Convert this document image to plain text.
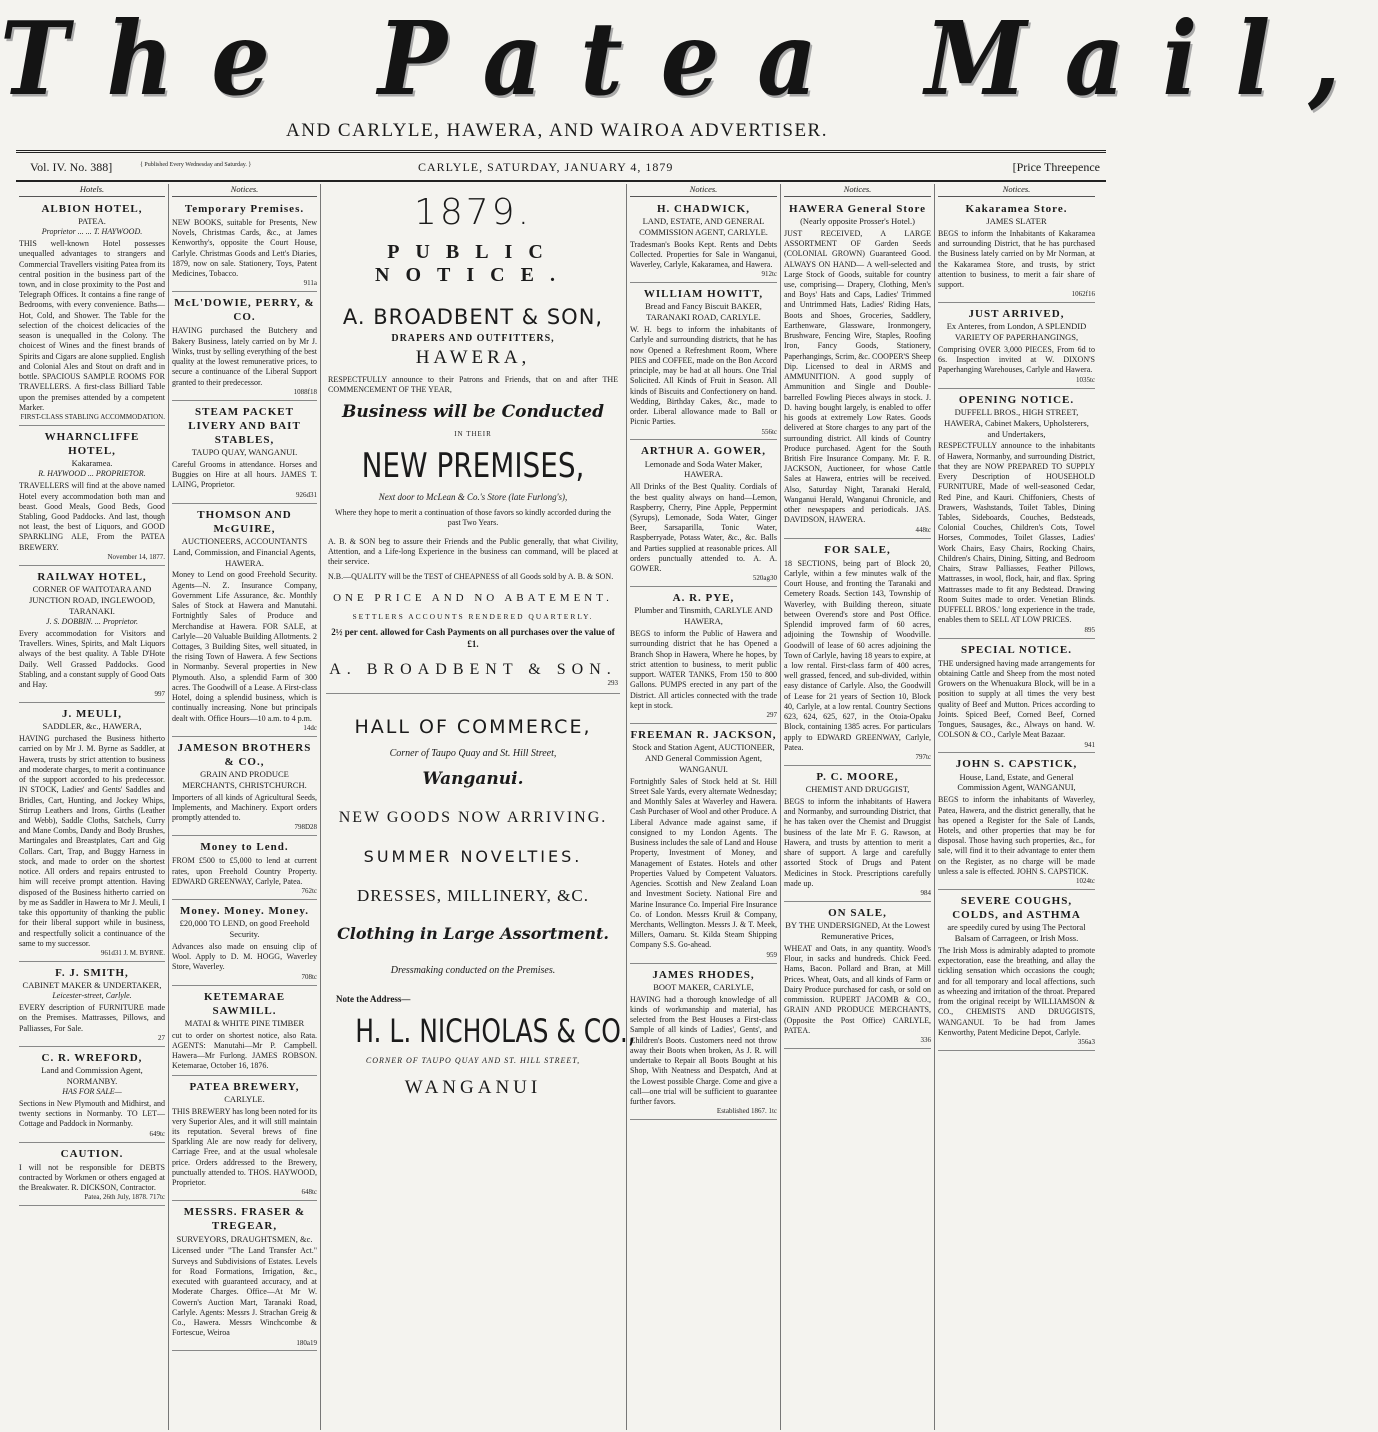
The Patea Mail,
AND CARLYLE, HAWERA, AND WAIROA ADVERTISER.
Vol. IV. No. 388]	{ Published Every Wednesday and Saturday. }	CARLYLE, SATURDAY, JANUARY 4, 1879	[Price Threepence
Hotels.
ALBION HOTEL,
PATEA.
Proprietor ... ... T. HAYWOOD.
THIS well-known Hotel possesses unequalled advantages to strangers and Commercial Travellers visiting Patea from its central position in the business part of the town, and in close proximity to the Post and Telegraph Offices. It contains a fine range of Bedrooms, with every convenience. Baths—Hot, Cold, and Shower. The Table for the selection of the choicest delicacies of the season is unequalled in the Colony. The choicest of Wines and the finest brands of Spirits and Cigars are alone supplied. English and Colonial Ales and Stout on draft and in bottle. SPACIOUS SAMPLE ROOMS FOR TRAVELLERS. A first-class Billiard Table upon the premises attended by a competent Marker.
FIRST-CLASS STABLING ACCOMMODATION.
WHARNCLIFFE HOTEL,
Kakaramea.
R. HAYWOOD ... PROPRIETOR.
TRAVELLERS will find at the above named Hotel every accommodation both man and beast. Good Meals, Good Beds, Good Stabling, Good Paddocks. And last, though not least, the best of Liquors, and GOOD SPARKLING ALE, From the PATEA BREWERY.
November 14, 1877.
RAILWAY HOTEL,
CORNER OF WAITOTARA AND JUNCTION ROAD, INGLEWOOD, TARANAKI.
J. S. DOBBIN. ... Proprietor.
Every accommodation for Visitors and Travellers. Wines, Spirits, and Malt Liquors always of the best quality. A Table D'Hote Daily. Well Grassed Paddocks. Good Stabling, and a constant supply of Good Oats and Hay.
997
J. MEULI,
SADDLER, &c., HAWERA,
HAVING purchased the Business hitherto carried on by Mr J. M. Byrne as Saddler, at Hawera, trusts by strict attention to business and moderate charges, to merit a continuance of the support accorded to his predecessor. IN STOCK, Ladies' and Gents' Saddles and Bridles, Cart, Hunting, and Jockey Whips, Stirrup Leathers and Irons, Girths (Leather and Webb), Saddle Cloths, Satchels, Curry and Mane Combs, Dandy and Body Brushes, Martingales and Breastplates, Cart and Gig Collars. Cart, Trap, and Buggy Harness in stock, and made to order on the shortest notice. All orders and repairs entrusted to him will receive prompt attention. Having disposed of the Business hitherto carried on by me as Saddler in Hawera to Mr J. Meuli, I take this opportunity of thanking the public for their liberal support while in business, and respectfully solicit a continuance of the same to my successor.
961d31 J. M. BYRNE.
F. J. SMITH,
CABINET MAKER & UNDERTAKER,
Leicester-street, Carlyle.
EVERY description of FURNITURE made on the Premises. Mattrasses, Pillows, and Palliasses, For Sale.
27
C. R. WREFORD,
Land and Commission Agent, NORMANBY.
HAS FOR SALE—
Sections in New Plymouth and Midhirst, and twenty sections in Normanby. TO LET— Cottage and Paddock in Normanby.
649tc
CAUTION.
I will not be responsible for DEBTS contracted by Workmen or others engaged at the Breakwater. R. DICKSON, Contractor.
Patea, 26th July, 1878. 717tc
Notices.
Temporary Premises.
NEW BOOKS, suitable for Presents, New Novels, Christmas Cards, &c., at James Kenworthy's, opposite the Court House, Carlyle. Christmas Goods and Lett's Diaries, 1879, now on sale. Stationery, Toys, Patent Medicines, Tobacco.
911a
McL'DOWIE, PERRY, & CO.
HAVING purchased the Butchery and Bakery Business, lately carried on by Mr J. Winks, trust by selling everything of the best quality at the lowest remunerative prices, to secure a continuance of the Liberal Support granted to their predecessor.
1088f18
STEAM PACKET LIVERY AND BAIT STABLES,
TAUPO QUAY, WANGANUI.
Careful Grooms in attendance. Horses and Buggies on Hire at all hours. JAMES T. LAING, Proprietor.
926d31
THOMSON AND McGUIRE,
AUCTIONEERS, ACCOUNTANTS Land, Commission, and Financial Agents, HAWERA.
Money to Lend on good Freehold Security. Agents—N. Z. Insurance Company, Government Life Assurance, &c. Monthly Sales of Stock at Hawera and Manutahi. Fortnightly Sales of Produce and Merchandise at Hawera. FOR SALE, at Carlyle—20 Valuable Building Allotments. 2 Cottages, 3 Building Sites, well situated, in the rising Town of Hawera. A few Sections in Normanby. Several properties in New Plymouth. Also, a splendid Farm of 300 acres. The Goodwill of a Lease. A First-class Hotel, doing a splendid business, which is continually increasing. None but principals dealt with. Office Hours—10 a.m. to 4 p.m.
14dc
JAMESON BROTHERS & CO.,
GRAIN AND PRODUCE MERCHANTS, CHRISTCHURCH.
Importers of all kinds of Agricultural Seeds, Implements, and Machinery. Export orders promptly attended to.
798D28
Money to Lend.
FROM £500 to £5,000 to lend at current rates, upon Freehold Country Property. EDWARD GREENWAY, Carlyle, Patea.
762tc
Money. Money. Money.
£20,000 TO LEND, on good Freehold Security.
Advances also made on ensuing clip of Wool. Apply to D. M. HOGG, Waverley Store, Waverley.
708tc
KETEMARAE SAWMILL.
MATAI & WHITE PINE TIMBER
cut to order on shortest notice, also Rata. AGENTS: Manutahi—Mr P. Campbell. Hawera—Mr Furlong. JAMES ROBSON. Ketemarae, October 16, 1876.
PATEA BREWERY,
CARLYLE.
THIS BREWERY has long been noted for its very Superior Ales, and it will still maintain its reputation. Several brews of fine Sparkling Ale are now ready for delivery, Carriage Free, and at the usual wholesale price. Orders addressed to the Brewery, punctually attended to. THOS. HAYWOOD, Proprietor.
648tc
MESSRS. FRASER & TREGEAR,
SURVEYORS, DRAUGHTSMEN, &c.
Licensed under "The Land Transfer Act." Surveys and Subdivisions of Estates. Levels for Road Formations, Irrigation, &c., executed with guaranteed accuracy, and at Moderate Charges. Office—At Mr W. Cowern's Auction Mart, Taranaki Road, Carlyle. Agents: Messrs J. Strachan Greig & Co., Hawera. Messrs Winchcombe & Fortescue, Weiroa
180a19
1879.
PUBLIC NOTICE.
A. BROADBENT & SON,
DRAPERS AND OUTFITTERS,
HAWERA,
RESPECTFULLY announce to their Patrons and Friends, that on and after THE COMMENCEMENT OF THE YEAR,
Business will be Conducted
IN THEIR
NEW PREMISES,
Next door to McLean & Co.'s Store (late Furlong's),
Where they hope to merit a continuation of those favors so kindly accorded during the past Two Years.
A. B. & SON beg to assure their Friends and the Public generally, that what Civility, Attention, and a Life-long Experience in the business can command, will be placed at their service.
N.B.—QUALITY will be the TEST of CHEAPNESS of all Goods sold by A. B. & SON.
ONE PRICE AND NO ABATEMENT.
SETTLERS ACCOUNTS RENDERED QUARTERLY.
2½ per cent. allowed for Cash Payments on all purchases over the value of £1.
A. BROADBENT & SON.
293
HALL OF COMMERCE,
Corner of Taupo Quay and St. Hill Street,
Wanganui.
NEW GOODS NOW ARRIVING.
SUMMER NOVELTIES.
DRESSES, MILLINERY, &C.
Clothing in Large Assortment.
Dressmaking conducted on the Premises.
Note the Address—
H. L. NICHOLAS & CO.,
CORNER OF TAUPO QUAY AND ST. HILL STREET,
WANGANUI
Notices.
H. CHADWICK,
LAND, ESTATE, AND GENERAL COMMISSION AGENT, CARLYLE.
Tradesman's Books Kept. Rents and Debts Collected. Properties for Sale in Wanganui, Waverley, Carlyle, Kakaramea, and Hawera.
912tc
WILLIAM HOWITT,
Bread and Fancy Biscuit BAKER, TARANAKI ROAD, CARLYLE.
W. H. begs to inform the inhabitants of Carlyle and surrounding districts, that he has now Opened a Refreshment Room, Where PIES and COFFEE, made on the Bon Accord principle, may be had at all hours. One Trial Solicited. All Kinds of Fruit in Season. All kinds of Biscuits and Confectionery on hand. Wedding, Birthday Cakes, &c., made to order. Liberal allowance made to Ball or Picnic Parties.
556tc
ARTHUR A. GOWER,
Lemonade and Soda Water Maker, HAWERA.
All Drinks of the Best Quality. Cordials of the best quality always on hand—Lemon, Raspberry, Cherry, Pine Apple, Peppermint (Syrups), Lemonade, Soda Water, Ginger Beer, Sarsaparilla, Tonic Water, Raspberryade, Potass Water, &c., &c. Balls and Parties supplied at reasonable prices. All orders punctually attended to. A. A. GOWER.
520ag30
A. R. PYE,
Plumber and Tinsmith, CARLYLE AND HAWERA,
BEGS to inform the Public of Hawera and surrounding district that he has Opened a Branch Shop in Hawera, Where he hopes, by strict attention to business, to merit public support. WATER TANKS, From 150 to 800 Gallons. PUMPS erected in any part of the District. All articles connected with the trade kept in stock.
297
FREEMAN R. JACKSON,
Stock and Station Agent, AUCTIONEER, AND General Commission Agent, WANGANUI.
Fortnightly Sales of Stock held at St. Hill Street Sale Yards, every alternate Wednesday; and Monthly Sales at Waverley and Hawera. Cash Purchaser of Wool and other Produce. A Liberal Advance made against same, if consigned to my London Agents. The Business includes the sale of Land and House Property, Investment of Money, and Management of Estates. Hotels and other Properties Valued by Competent Valuators. Agencies. Scottish and New Zealand Loan and Investment Society. National Fire and Marine Insurance Co. Imperial Fire Insurance Co. of London. Messrs Kruil & Company, Merchants, Wellington. Messrs J. & T. Meek, Millers, Oamaru. St. Kilda Steam Shipping Company S.S. Go-ahead.
959
JAMES RHODES,
BOOT MAKER, CARLYLE,
HAVING had a thorough knowledge of all kinds of workmanship and material, has selected from the Best Houses a First-class Sample of all kinds of Ladies', Gents', and Children's Boots. Customers need not throw away their Boots when broken, As J. R. will undertake to Repair all Boots Bought at his Shop, With Neatness and Despatch, And at the Lowest possible Charge. Come and give a call—one trial will be sufficient to guarantee further favors.
Established 1867. 1tc
Notices.
HAWERA General Store
(Nearly opposite Prosser's Hotel.)
JUST RECEIVED, A LARGE ASSORTMENT OF Garden Seeds (COLONIAL GROWN) Guaranteed Good. ALWAYS ON HAND— A well-selected and Large Stock of Goods, suitable for country use, comprising— Drapery, Clothing, Men's and Boys' Hats and Caps, Ladies' Trimmed and Untrimmed Hats, Ladies' Riding Hats, Boots and Shoes, Groceries, Saddlery, Earthenware, Glassware, Ironmongery, Brushware, Fencing Wire, Staples, Roofing Iron, Fancy Goods, Stationery, Paperhangings, Scrim, &c. COOPER'S Sheep Dip. Licensed to deal in ARMS and AMMUNITION. A good supply of Ammunition and Single and Double-barrelled Fowling Pieces always in stock. J. D. having bought largely, is enabled to offer his goods at extremely Low Rates. Goods delivered at Store charges to any part of the surrounding district. All kinds of Country Produce purchased. Agent for the South British Fire Insurance Company. Mr. F. R. JACKSON, Auctioneer, for whose Cattle Sales at Hawera, entries will be received. Also, Saturday Night, Taranaki Herald, Wanganui Herald, Wanganui Chronicle, and other newspapers and periodicals. JAS. DAVIDSON, HAWERA.
448tc
FOR SALE,
18 SECTIONS, being part of Block 20, Carlyle, within a few minutes walk of the Court House, and fronting the Taranaki and Cemetery Roads. Section 143, Township of Waverley, with Building thereon, situate between Overend's store and Post Office. Splendid improved farm of 60 acres, adjoining the Township of Woodville. Goodwill of lease of 60 acres adjoining the Town of Carlyle, having 18 years to expire, at a low rental. First-class farm of 400 acres, well grassed, fenced, and sub-divided, within easy distance of Carlyle. Also, the Goodwill of Lease for 21 years of Section 10, Block 40, Carlyle, at a low rental. Country Sections 623, 624, 625, 627, in the Otoia-Opaku Block, containing 1385 acres. For particulars apply to EDWARD GREENWAY, Carlyle, Patea.
797tc
P. C. MOORE,
CHEMIST AND DRUGGIST,
BEGS to inform the inhabitants of Hawera and Normanby, and surrounding District, that he has taken over the Chemist and Druggist business of the late Mr F. G. Rawson, at Hawera, and trusts by attention to merit a share of support. A large and carefully assorted Stock of Drugs and Patent Medicines in Stock. Prescriptions carefully made up.
984
ON SALE,
BY THE UNDERSIGNED, At the Lowest Remunerative Prices,
WHEAT and Oats, in any quantity. Wood's Flour, in sacks and hundreds. Chick Feed. Hams, Bacon. Pollard and Bran, at Mill Prices. Wheat, Oats, and all kinds of Farm or Dairy Produce purchased for cash, or sold on commission. RUPERT JACOMB & CO., GRAIN AND PRODUCE MERCHANTS, (Opposite the Post Office) CARLYLE, PATEA.
336
Notices.
Kakaramea Store.
JAMES SLATER
BEGS to inform the Inhabitants of Kakaramea and surrounding District, that he has purchased the Business lately carried on by Mr Norman, at the Kakaramea Store, and trusts, by strict attention to business, to merit a fair share of support.
1062f16
JUST ARRIVED,
Ex Anteres, from London, A SPLENDID VARIETY OF PAPERHANGINGS,
Comprising OVER 3,000 PIECES, From 6d to 6s. Inspection invited at W. DIXON'S Paperhanging Warehouses, Carlyle and Hawera.
1035tc
OPENING NOTICE.
DUFFELL BROS., HIGH STREET, HAWERA, Cabinet Makers, Upholsterers, and Undertakers,
RESPECTFULLY announce to the inhabitants of Hawera, Normanby, and surrounding District, that they are NOW PREPARED TO SUPPLY Every Description of HOUSEHOLD FURNITURE, Made of well-seasoned Cedar, Red Pine, and Kauri. Chiffoniers, Chests of Drawers, Washstands, Toilet Tables, Dining Tables, Sideboards, Couches, Bedsteads, Colonial Couches, Children's Cots, Towel Horses, Commodes, Toilet Glasses, Ladies' Work Chairs, Easy Chairs, Rocking Chairs, Children's Chairs, Dining, Sitting, and Bedroom Chairs, Straw Palliasses, Feather Pillows, Mattrasses, in wool, flock, hair, and flax. Spring Mattrasses made to fit any Bedstead. Drawing Room Suites made to order. Venetian Blinds. DUFFELL BROS.' long experience in the trade, enables them to SELL AT LOW PRICES.
895
SPECIAL NOTICE.
THE undersigned having made arrangements for obtaining Cattle and Sheep from the most noted Growers on the Whenuakura Block, will be in a position to supply at all times the very best quality of Beef and Mutton. Prices according to Joints. Spiced Beef, Corned Beef, Corned Tongues, Sausages, &c., Always on hand. W. COLSON & CO., Carlyle Meat Bazaar.
941
JOHN S. CAPSTICK,
House, Land, Estate, and General Commission Agent, WANGANUI,
BEGS to inform the inhabitants of Waverley, Patea, Hawera, and the district generally, that he has opened a Register for the Sale of Lands, Hotels, and other properties that may be for disposal. Those having such properties, &c., for sale, will find it to their advantage to enter them on the Register, as no charge will be made unless a sale is effected. JOHN S. CAPSTICK.
1024tc
SEVERE COUGHS, COLDS, and ASTHMA
are speedily cured by using The Pectoral Balsam of Carrageen, or Irish Moss.
The Irish Moss is admirably adapted to promote expectoration, ease the breathing, and allay the tickling sensation which occasions the cough; and for all temporary and local affections, such as wheezing and irritation of the throat. Prepared from the original receipt by WILLIAMSON & CO., CHEMISTS AND DRUGGISTS, WANGANUI. To be had from James Kenworthy, Patent Medicine Depot, Carlyle.
356a3
